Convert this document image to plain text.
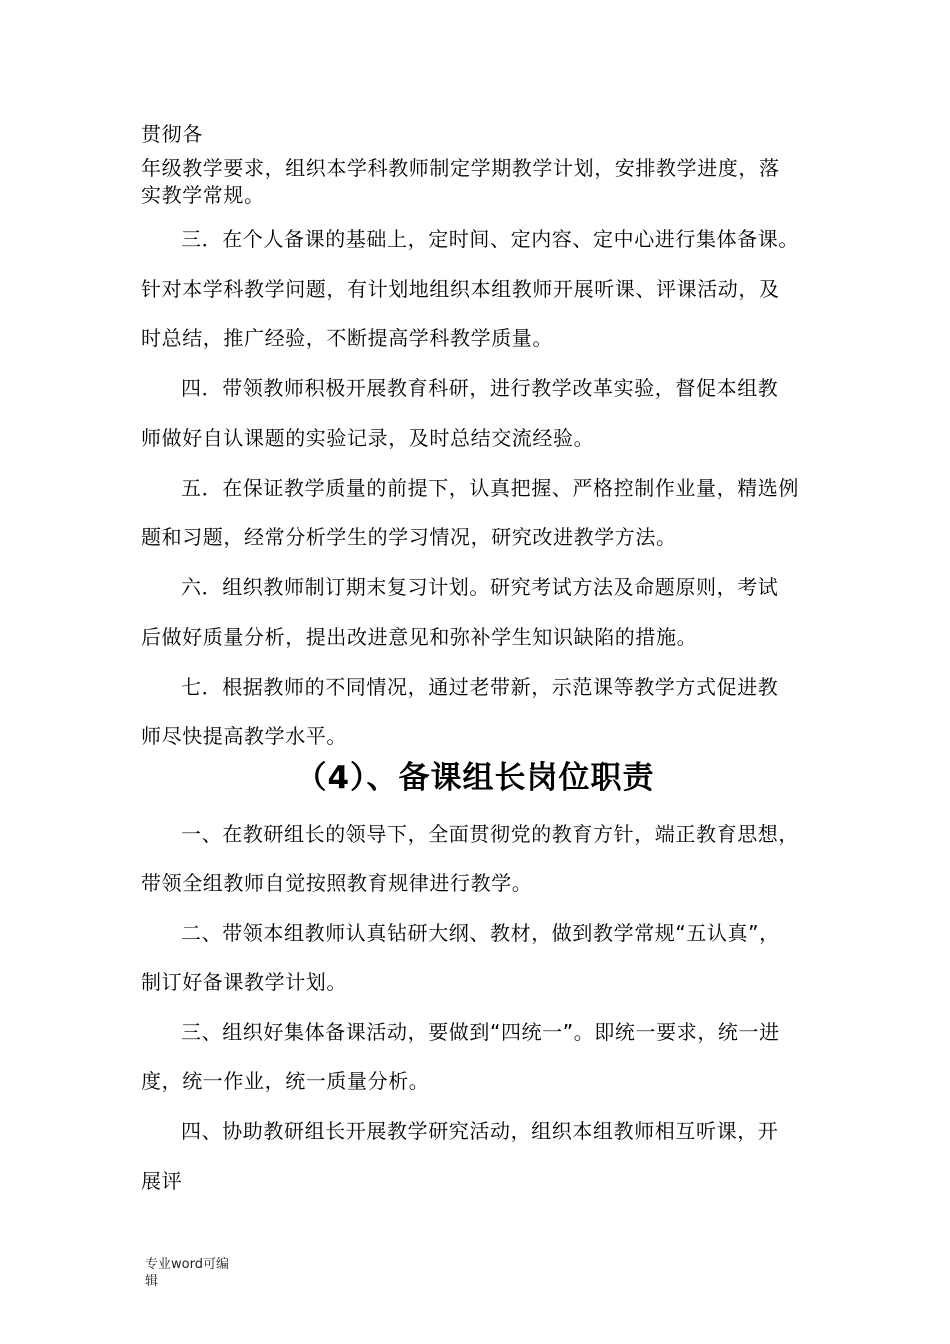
贯彻各
年级教学要求，组织本学科教师制定学期教学计划，安排教学进度，落
实教学常规。
三．在个人备课的基础上，定时间、定内容、定中心进行集体备课。
针对本学科教学问题，有计划地组织本组教师开展听课、评课活动，及
时总结，推广经验，不断提高学科教学质量。
四．带领教师积极开展教育科研，进行教学改革实验，督促本组教
师做好自认课题的实验记录，及时总结交流经验。
五．在保证教学质量的前提下，认真把握、严格控制作业量，精选例
题和习题，经常分析学生的学习情况，研究改进教学方法。
六．组织教师制订期末复习计划。研究考试方法及命题原则，考试
后做好质量分析，提出改进意见和弥补学生知识缺陷的措施。
七．根据教师的不同情况，通过老带新，示范课等教学方式促进教
师尽快提高教学水平。
（4）、备课组长岗位职责
一、在教研组长的领导下，全面贯彻党的教育方针，端正教育思想，
带领全组教师自觉按照教育规律进行教学。
二、带领本组教师认真钻研大纲、教材，做到教学常规“五认真”，
制订好备课教学计划。
三、组织好集体备课活动，要做到“四统一”。即统一要求，统一进
度，统一作业，统一质量分析。
四、协助教研组长开展教学研究活动，组织本组教师相互听课，开
展评
专业word可编
辑
